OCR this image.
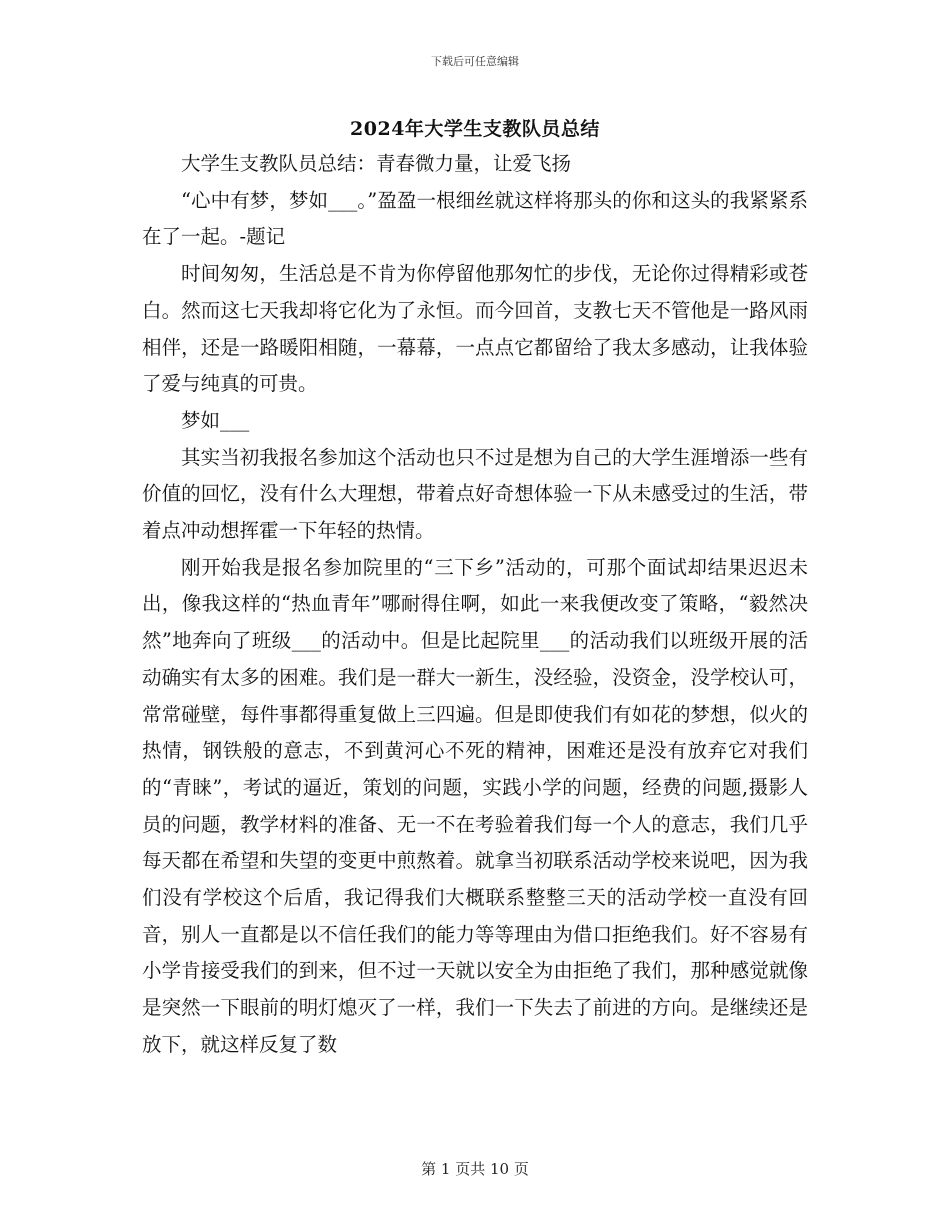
下载后可任意编辑
2024年大学生支教队员总结

大学生支教队员总结：青春微力量，让爱飞扬

“心中有梦，梦如___。”盈盈一根细丝就这样将那头的你和这头的我紧紧系在了一起。-题记

时间匆匆，生活总是不肯为你停留他那匆忙的步伐，无论你过得精彩或苍白。然而这七天我却将它化为了永恒。而今回首，支教七天不管他是一路风雨相伴，还是一路暖阳相随，一幕幕，一点点它都留给了我太多感动，让我体验了爱与纯真的可贵。

梦如___

其实当初我报名参加这个活动也只不过是想为自己的大学生涯增添一些有价值的回忆，没有什么大理想，带着点好奇想体验一下从未感受过的生活，带着点冲动想挥霍一下年轻的热情。

刚开始我是报名参加院里的“三下乡”活动的，可那个面试却结果迟迟未出，像我这样的“热血青年”哪耐得住啊，如此一来我便改变了策略，“毅然决然”地奔向了班级___的活动中。但是比起院里___的活动我们以班级开展的活动确实有太多的困难。我们是一群大一新生，没经验，没资金，没学校认可，常常碰壁，每件事都得重复做上三四遍。但是即使我们有如花的梦想，似火的热情，钢铁般的意志，不到黄河心不死的精神，困难还是没有放弃它对我们的“青睐”，考试的逼近，策划的问题，实践小学的问题，经费的问题,摄影人员的问题，教学材料的准备、无一不在考验着我们每一个人的意志，我们几乎每天都在希望和失望的变更中煎熬着。就拿当初联系活动学校来说吧，因为我们没有学校这个后盾，我记得我们大概联系整整三天的活动学校一直没有回音，别人一直都是以不信任我们的能力等等理由为借口拒绝我们。好不容易有小学肯接受我们的到来，但不过一天就以安全为由拒绝了我们，那种感觉就像是突然一下眼前的明灯熄灭了一样，我们一下失去了前进的方向。是继续还是放下，就这样反复了数

第 1 页共 10 页
